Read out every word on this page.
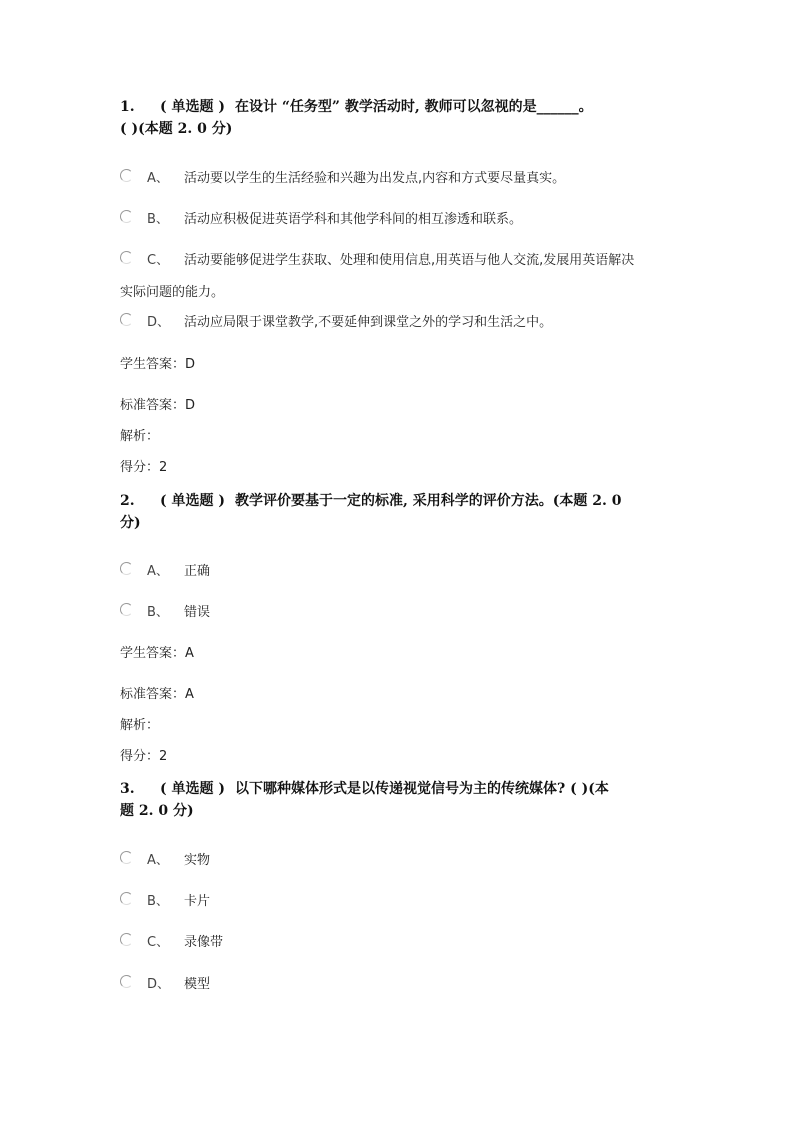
1. ( 单选题 ) 在设计 “任务型” 教学活动时, 教师可以忽视的是______。
( )(本题 2. 0 分)
A、 活动要以学生的生活经验和兴趣为出发点,内容和方式要尽量真实。
B、 活动应积极促进英语学科和其他学科间的相互渗透和联系。
C、 活动要能够促进学生获取、处理和使用信息,用英语与他人交流,发展用英语解决
实际问题的能力。
D、 活动应局限于课堂教学,不要延伸到课堂之外的学习和生活之中。
学生答案：D
标准答案：D
解析：
得分：2
2. ( 单选题 ) 教学评价要基于一定的标准, 采用科学的评价方法。(本题 2. 0
分)
A、 正确
B、 错误
学生答案：A
标准答案：A
解析：
得分：2
3. ( 单选题 ) 以下哪种媒体形式是以传递视觉信号为主的传统媒体? ( )(本
题 2. 0 分)
A、 实物
B、 卡片
C、 录像带
D、 模型
